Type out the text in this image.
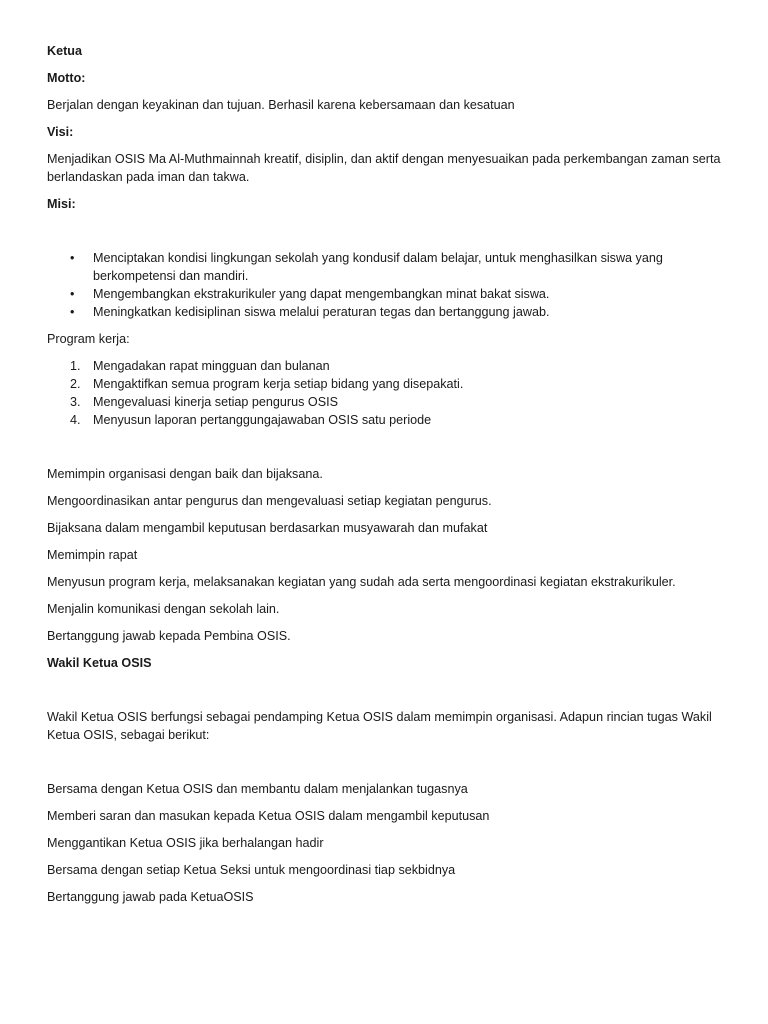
Ketua
Motto:
Berjalan dengan keyakinan dan tujuan. Berhasil karena kebersamaan dan kesatuan
Visi:
Menjadikan OSIS Ma Al-Muthmainnah kreatif, disiplin, dan aktif dengan menyesuaikan pada perkembangan zaman serta berlandaskan pada iman dan takwa.
Misi:
•	Menciptakan kondisi lingkungan sekolah yang kondusif dalam belajar, untuk menghasilkan siswa yang berkompetensi dan mandiri.
•	Mengembangkan ekstrakurikuler yang dapat mengembangkan minat bakat siswa.
•	Meningkatkan kedisiplinan siswa melalui peraturan tegas dan bertanggung jawab.
Program kerja:
1. Mengadakan rapat mingguan dan bulanan
2. Mengaktifkan semua program kerja setiap bidang yang disepakati.
3. Mengevaluasi kinerja setiap pengurus OSIS
4. Menyusun laporan pertanggungajawaban OSIS satu periode
Memimpin organisasi dengan baik dan bijaksana.
Mengoordinasikan antar pengurus dan mengevaluasi setiap kegiatan pengurus.
Bijaksana dalam mengambil keputusan berdasarkan musyawarah dan mufakat
Memimpin rapat
Menyusun program kerja, melaksanakan kegiatan yang sudah ada serta mengoordinasi kegiatan ekstrakurikuler.
Menjalin komunikasi dengan sekolah lain.
Bertanggung jawab kepada Pembina OSIS.
Wakil Ketua OSIS
Wakil Ketua OSIS berfungsi sebagai pendamping Ketua OSIS dalam memimpin organisasi. Adapun rincian tugas Wakil Ketua OSIS, sebagai berikut:
Bersama dengan Ketua OSIS dan membantu dalam menjalankan tugasnya
Memberi saran dan masukan kepada Ketua OSIS dalam mengambil keputusan
Menggantikan Ketua OSIS jika berhalangan hadir
Bersama dengan setiap Ketua Seksi untuk mengoordinasi tiap sekbidnya
Bertanggung jawab pada KetuaOSIS
